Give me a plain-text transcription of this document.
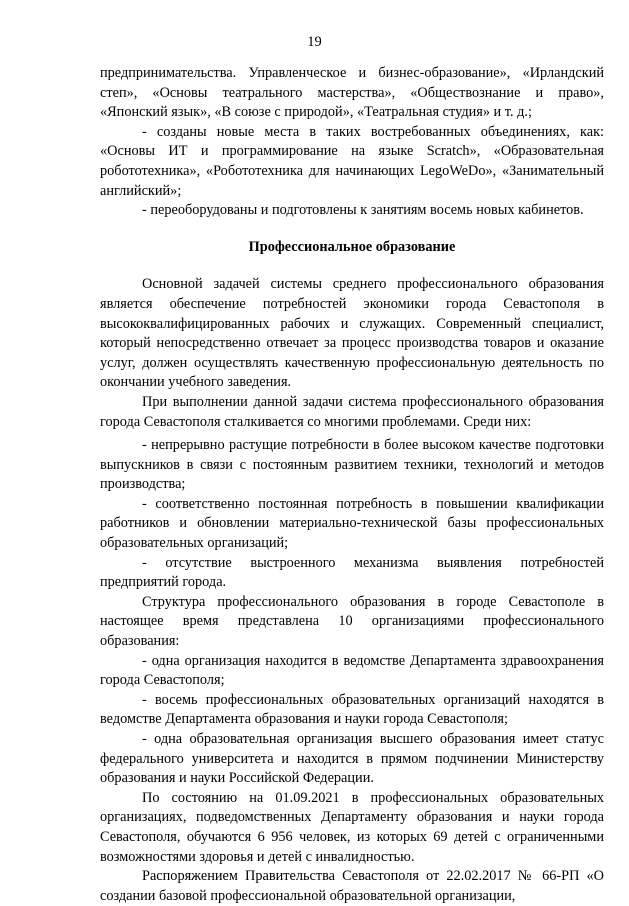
19

предпринимательства. Управленческое и бизнес-образование», «Ирландский степ», «Основы театрального мастерства», «Обществознание и право», «Японский язык», «В союзе с природой», «Театральная студия» и т. д.;

- созданы новые места в таких востребованных объединениях, как: «Основы ИТ и программирование на языке Scratch», «Образовательная робототехника», «Робототехника для начинающих LegoWeDo», «Занимательный английский»;

- переоборудованы и подготовлены к занятиям восемь новых кабинетов.

Профессиональное образование

Основной задачей системы среднего профессионального образования является обеспечение потребностей экономики города Севастополя в высококвалифицированных рабочих и служащих. Современный специалист, который непосредственно отвечает за процесс производства товаров и оказание услуг, должен осуществлять качественную профессиональную деятельность по окончании учебного заведения.

При выполнении данной задачи система профессионального образования города Севастополя сталкивается со многими проблемами. Среди них:

- непрерывно растущие потребности в более высоком качестве подготовки выпускников в связи с постоянным развитием техники, технологий и методов производства;

- соответственно постоянная потребность в повышении квалификации работников и обновлении материально-технической базы профессиональных образовательных организаций;

- отсутствие выстроенного механизма выявления потребностей предприятий города.

Структура профессионального образования в городе Севастополе в настоящее время представлена 10 организациями профессионального образования:

- одна организация находится в ведомстве Департамента здравоохранения города Севастополя;

- восемь профессиональных образовательных организаций находятся в ведомстве Департамента образования и науки города Севастополя;

- одна образовательная организация высшего образования имеет статус федерального университета и находится в прямом подчинении Министерству образования и науки Российской Федерации.

По состоянию на 01.09.2021 в профессиональных образовательных организациях, подведомственных Департаменту образования и науки города Севастополя, обучаются 6 956 человек, из которых 69 детей с ограниченными возможностями здоровья и детей с инвалидностью.

Распоряжением Правительства Севастополя от 22.02.2017 № 66-РП «О создании базовой профессиональной образовательной организации,
